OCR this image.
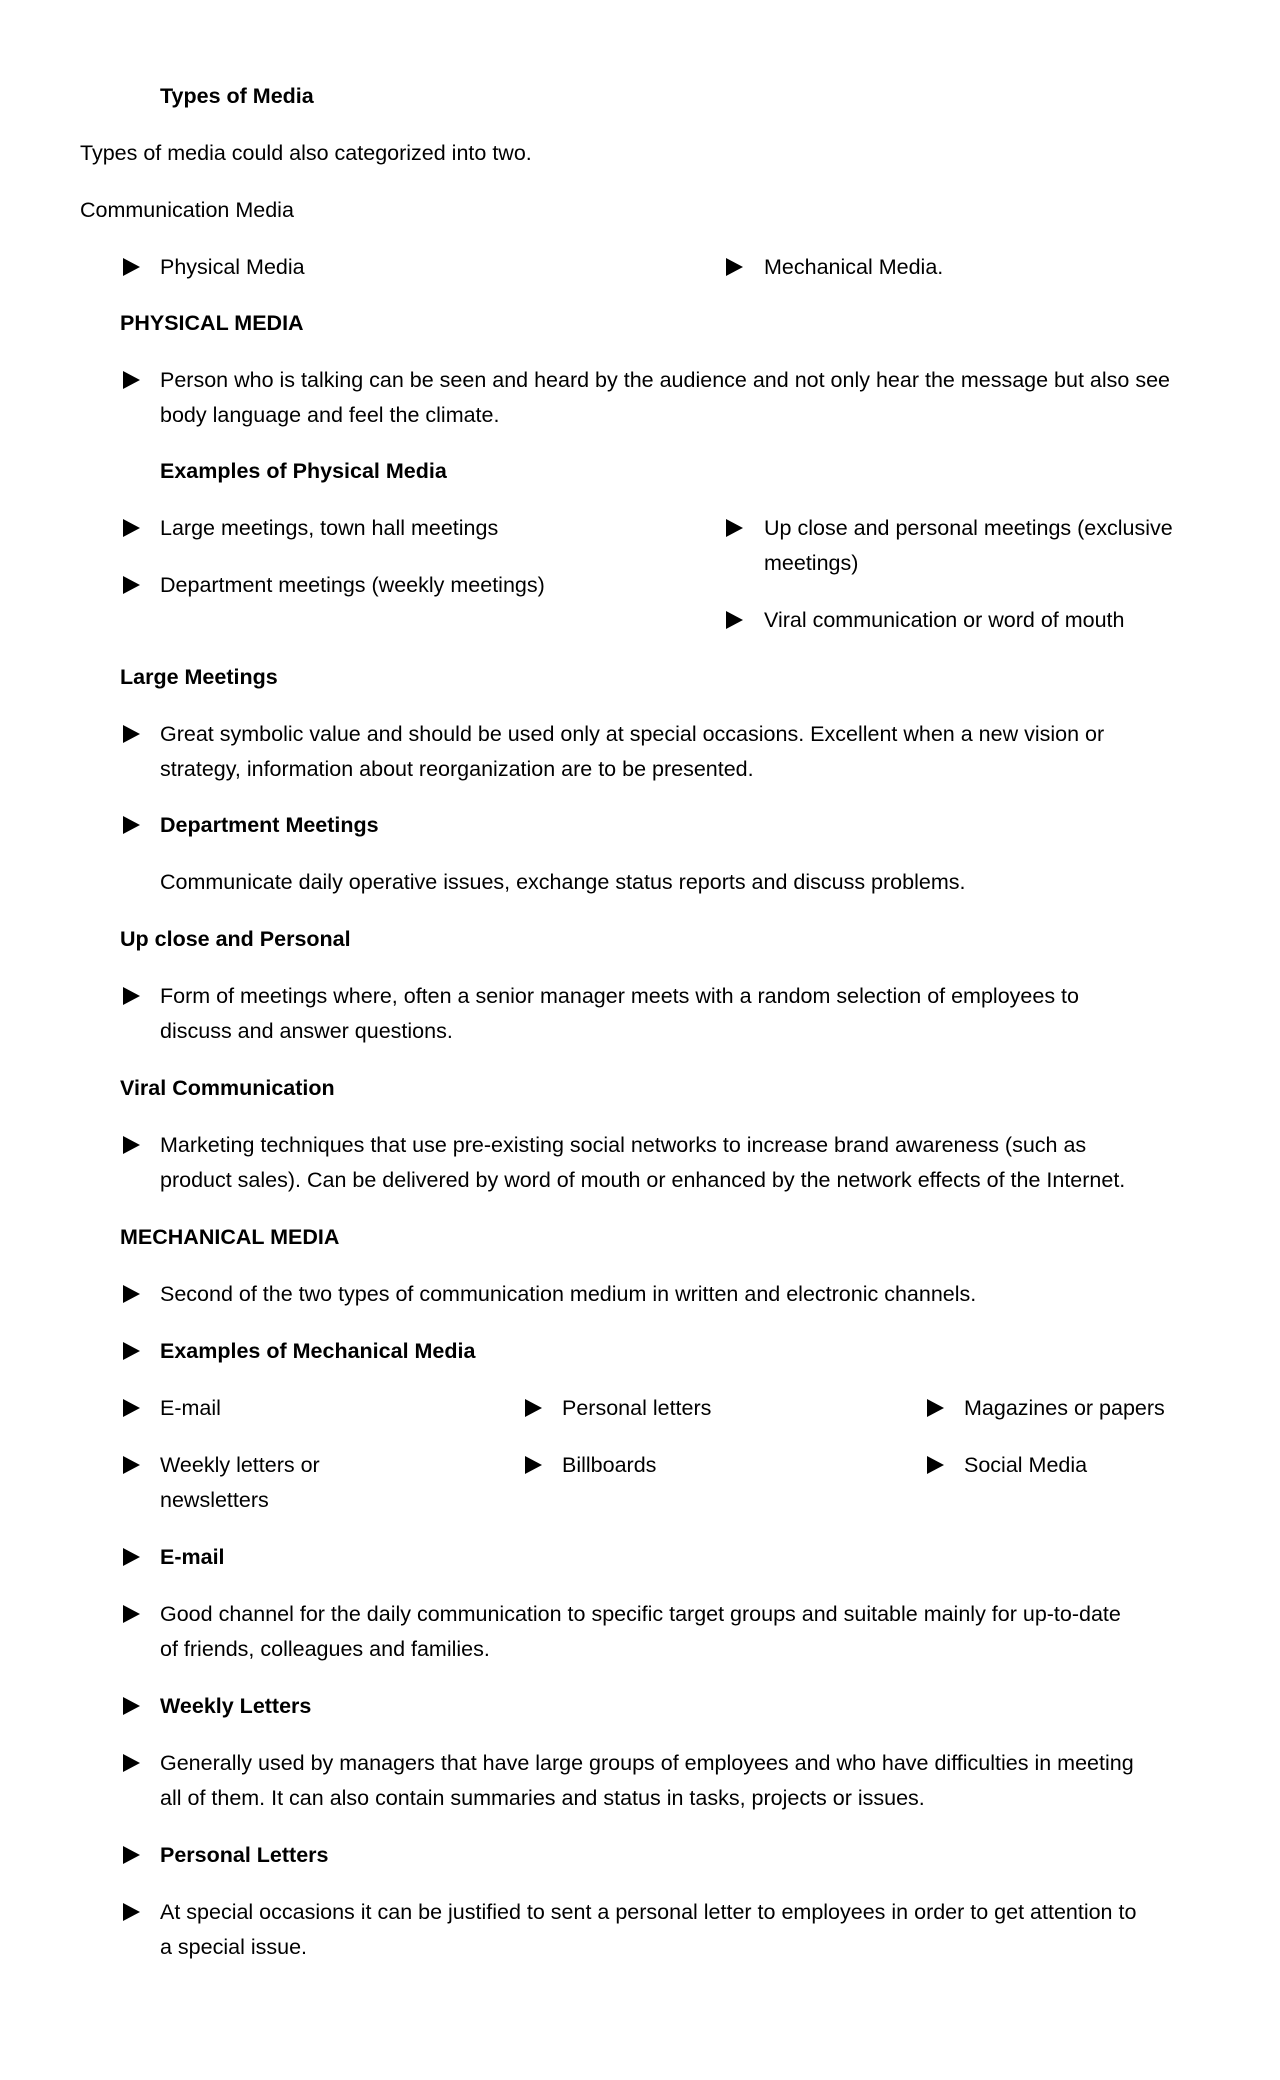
Types of Media
Types of media could also categorized into two.
Communication Media
Physical Media	Mechanical Media.
PHYSICAL MEDIA
Person who is talking can be seen and heard by the audience and not only hear the message but also see
body language and feel the climate.
Examples of Physical Media
Large meetings, town hall meetings
Department meetings (weekly meetings)
Up close and personal meetings (exclusive
meetings)
Viral communication or word of mouth
Large Meetings
Great symbolic value and should be used only at special occasions. Excellent when a new vision or
strategy, information about reorganization are to be presented.
Department Meetings
Communicate daily operative issues, exchange status reports and discuss problems.
Up close and Personal
Form of meetings where, often a senior manager meets with a random selection of employees to
discuss and answer questions.
Viral Communication
Marketing techniques that use pre-existing social networks to increase brand awareness (such as
product sales). Can be delivered by word of mouth or enhanced by the network effects of the Internet.
MECHANICAL MEDIA
Second of the two types of communication medium in written and electronic channels.
Examples of Mechanical Media
E-mail
Weekly letters or
newsletters
Personal letters
Billboards
Magazines or papers
Social Media
E-mail
Good channel for the daily communication to specific target groups and suitable mainly for up-to-date
of friends, colleagues and families.
Weekly Letters
Generally used by managers that have large groups of employees and who have difficulties in meeting
all of them. It can also contain summaries and status in tasks, projects or issues.
Personal Letters
At special occasions it can be justified to sent a personal letter to employees in order to get attention to
a special issue.
